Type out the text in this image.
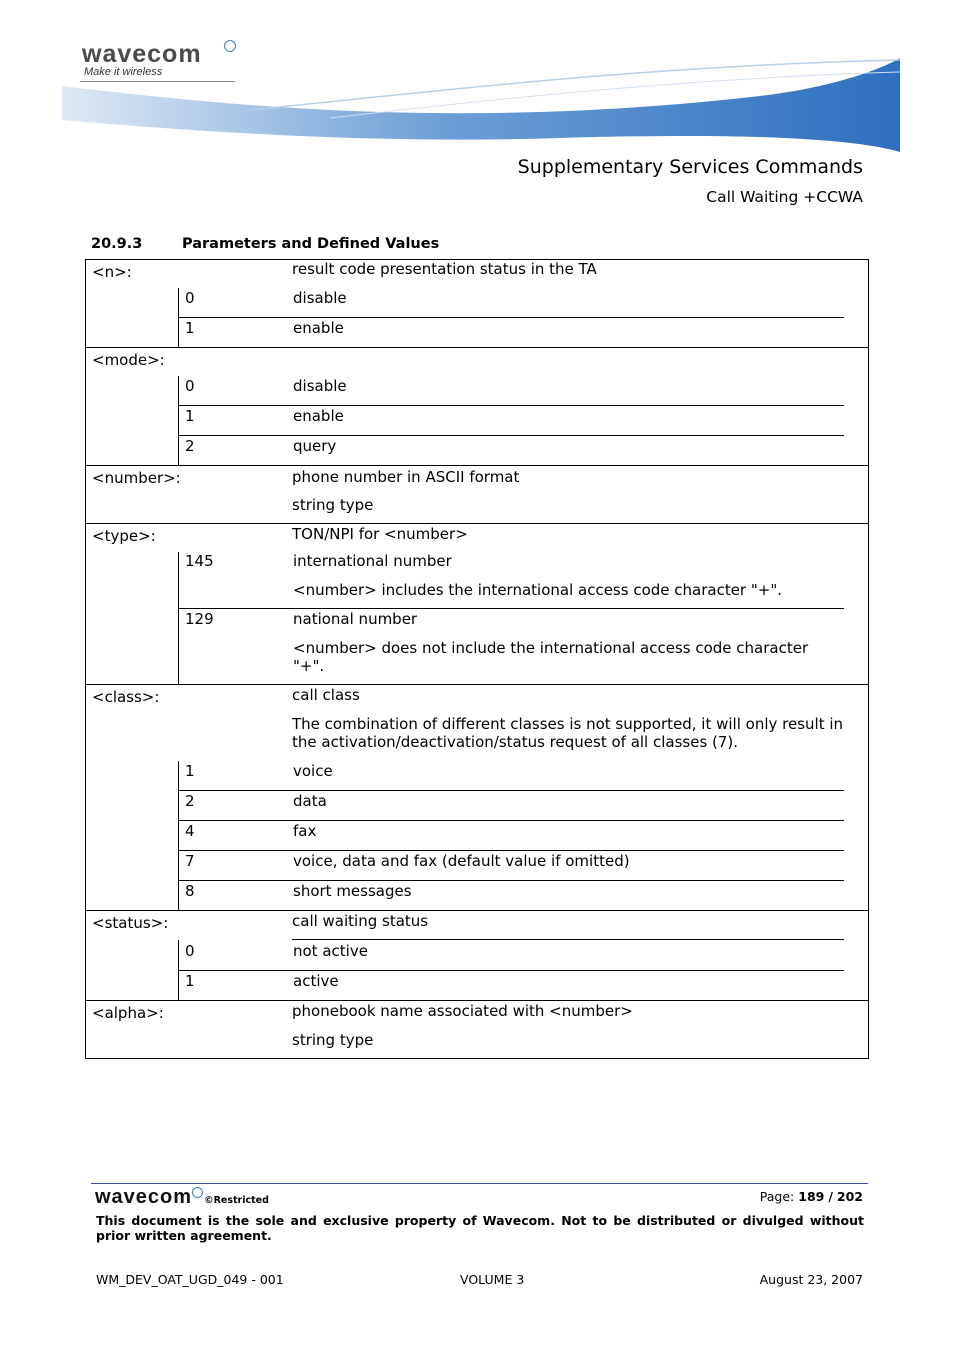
wavecom
Make it wireless
Supplementary Services Commands
Call Waiting +CCWA
20.9.3	Parameters and Defined Values
<n>:	result code presentation status in the TA
0	disable
1	enable
<mode>:
0	disable
1	enable
2	query
<number>:	phone number in ASCII format
string type
<type>:	TON/NPI for <number>
145	international number
<number> includes the international access code character "+".
129	national number
<number> does not include the international access code character "+".
<class>:	call class
The combination of different classes is not supported, it will only result in the activation/deactivation/status request of all classes (7).
1	voice
2	data
4	fax
7	voice, data and fax (default value if omitted)
8	short messages
<status>:	call waiting status
0	not active
1	active
<alpha>:	phonebook name associated with <number>
string type
wavecom ©Restricted	Page: 189 / 202
This document is the sole and exclusive property of Wavecom. Not to be distributed or divulged without prior written agreement.
WM_DEV_OAT_UGD_049 - 001	VOLUME 3	August 23, 2007
